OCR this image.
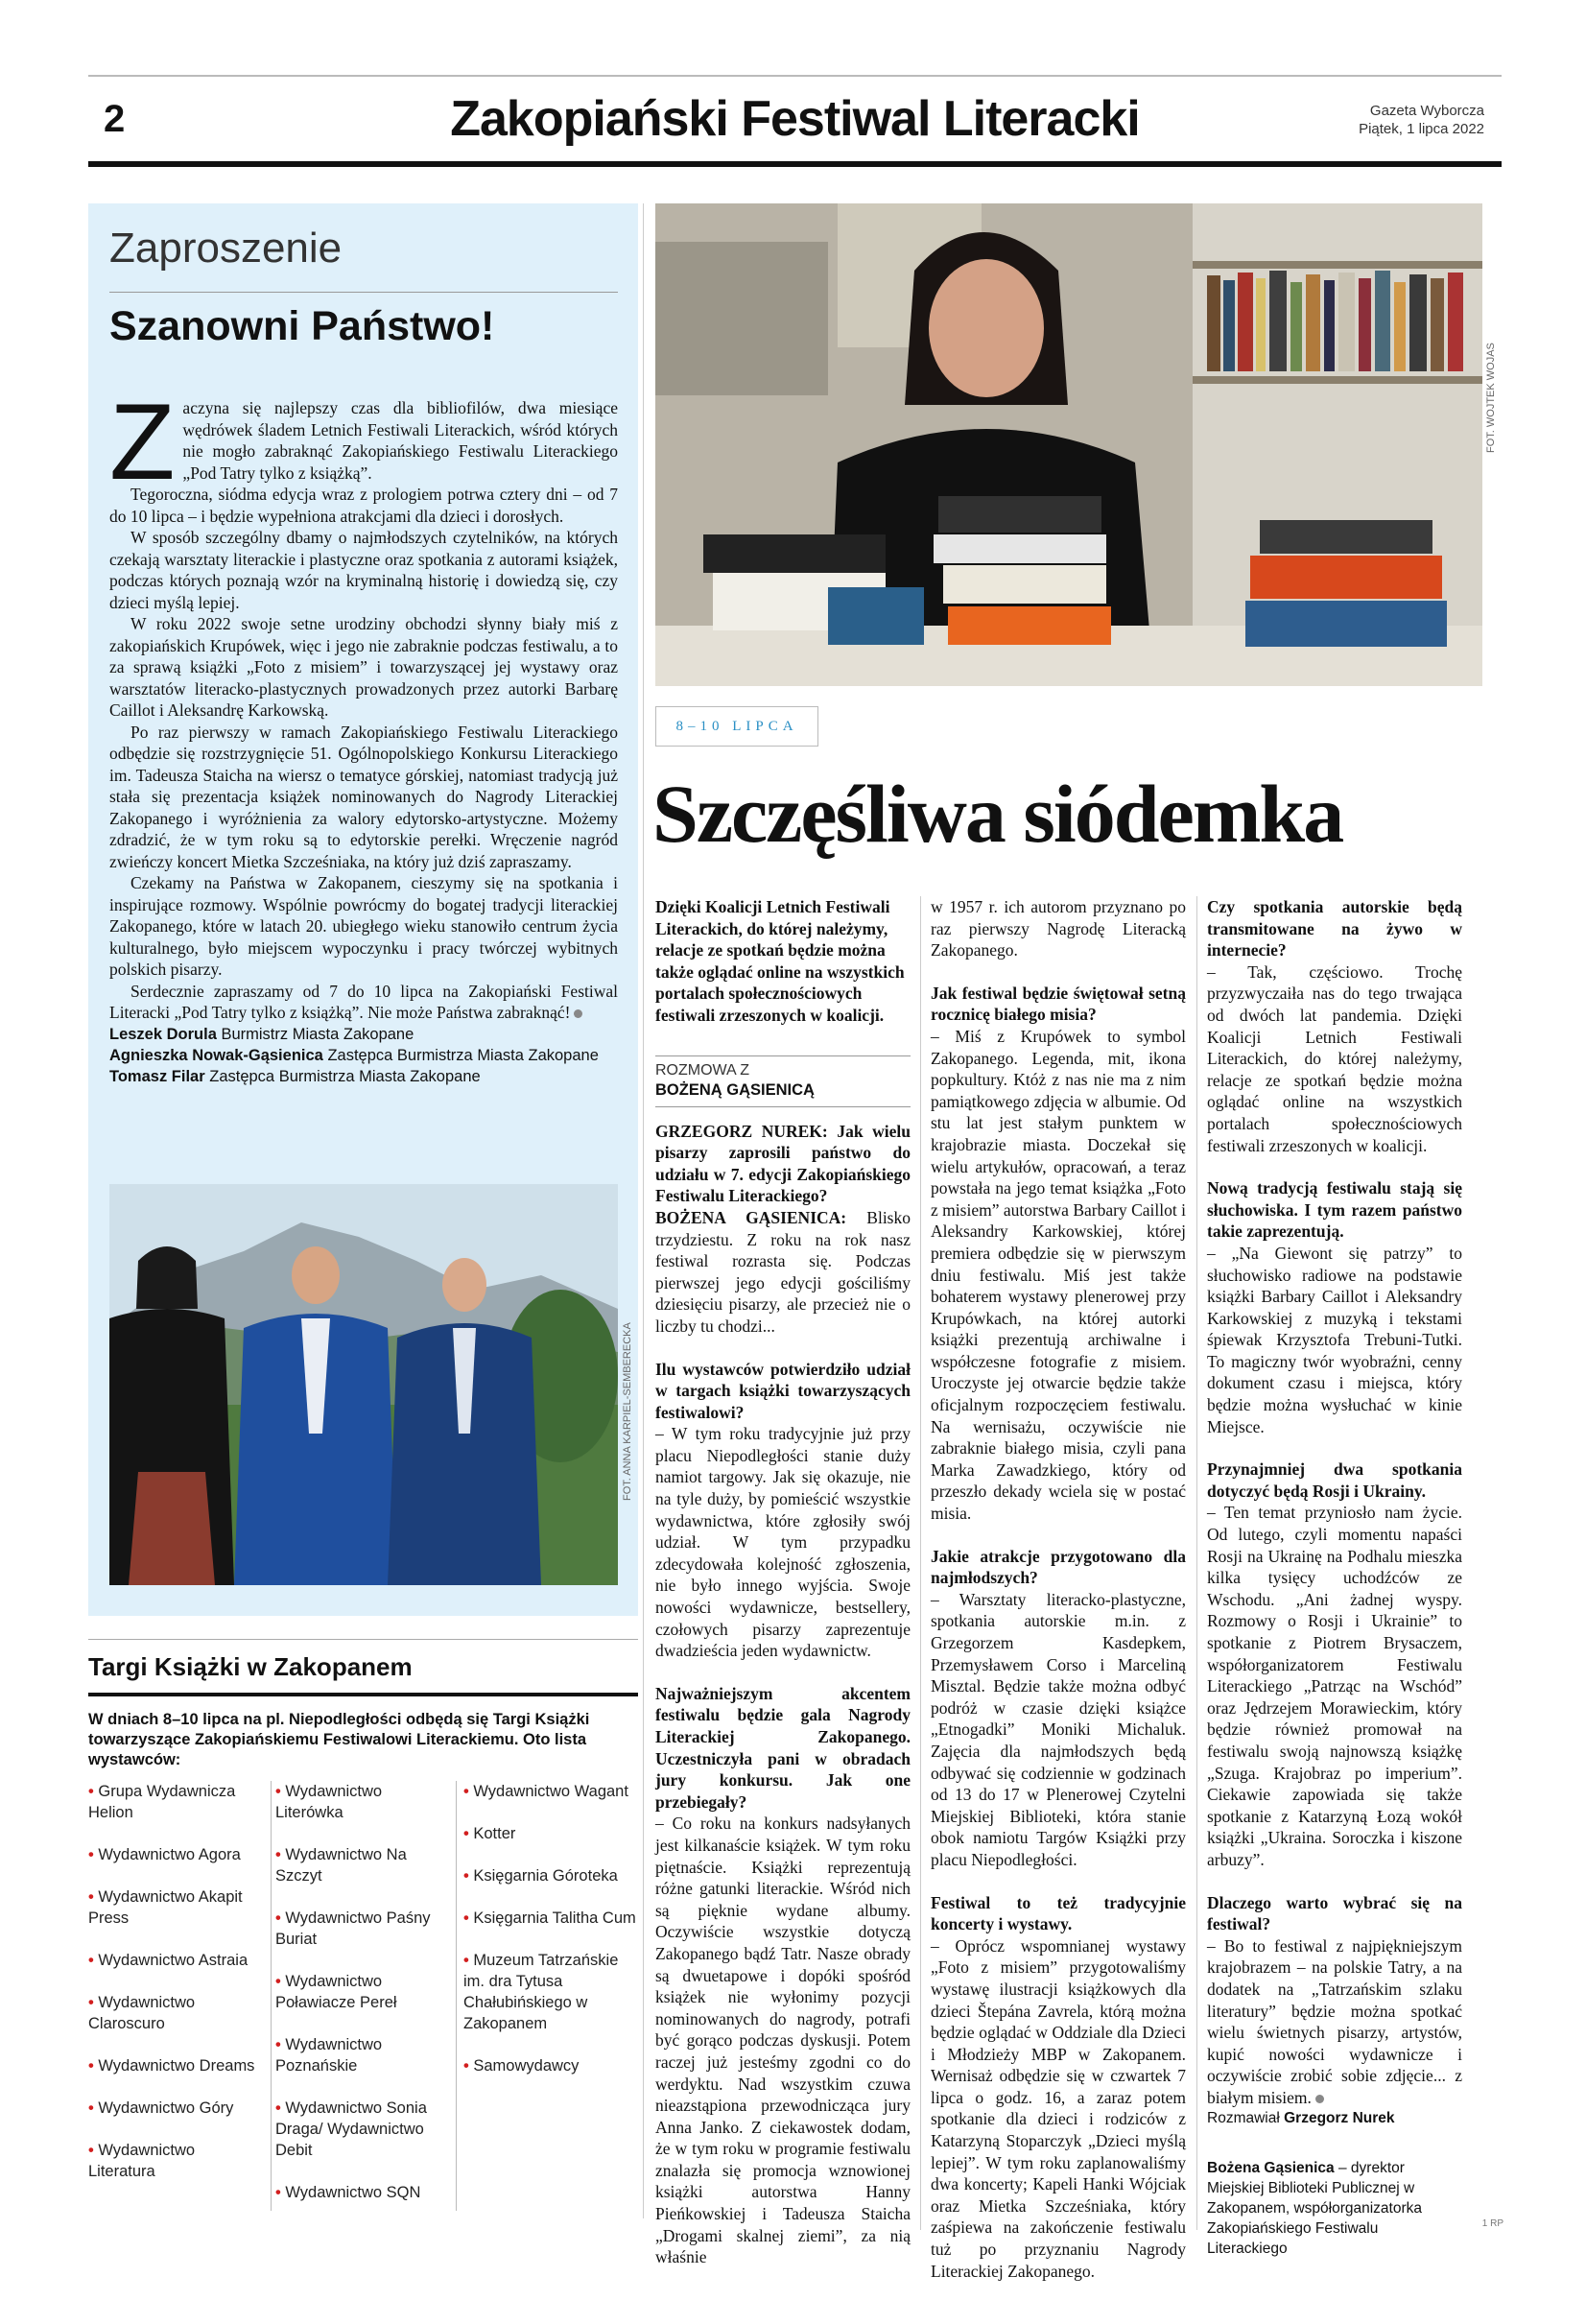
2	Zakopiański Festiwal Literacki	Gazeta Wyborcza
Piątek, 1 lipca 2022
Zaproszenie
Szanowni Państwo!

Zaczyna się najlepszy czas dla bibliofilów, dwa miesiące wędrówek śladem Letnich Festiwali Literackich, wśród których nie mogło zabraknąć Zakopiańskiego Festiwalu Literackiego „Pod Tatry tylko z książką”.

Tegoroczna, siódma edycja wraz z prologiem potrwa cztery dni – od 7 do 10 lipca – i będzie wypełniona atrakcjami dla dzieci i dorosłych.

W sposób szczególny dbamy o najmłodszych czytelników, na których czekają warsztaty literackie i plastyczne oraz spotkania z autorami książek, podczas których poznają wzór na kryminalną historię i dowiedzą się, czy dzieci myślą lepiej.

W roku 2022 swoje setne urodziny obchodzi słynny biały miś z zakopiańskich Krupówek, więc i jego nie zabraknie podczas festiwalu, a to za sprawą książki „Foto z misiem” i towarzyszącej jej wystawy oraz warsztatów literacko-plastycznych prowadzonych przez autorki Barbarę Caillot i Aleksandrę Karkowską.

Po raz pierwszy w ramach Zakopiańskiego Festiwalu Literackiego odbędzie się rozstrzygnięcie 51. Ogólnopolskiego Konkursu Literackiego im. Tadeusza Staicha na wiersz o tematyce górskiej, natomiast tradycją już stała się prezentacja książek nominowanych do Nagrody Literackiej Zakopanego i wyróżnienia za walory edytorsko-artystyczne. Możemy zdradzić, że w tym roku są to edytorskie perełki. Wręczenie nagród zwieńczy koncert Mietka Szcześniaka, na który już dziś zapraszamy.

Czekamy na Państwa w Zakopanem, cieszymy się na spotkania i inspirujące rozmowy. Wspólnie powrócmy do bogatej tradycji literackiej Zakopanego, które w latach 20. ubiegłego wieku stanowiło centrum życia kulturalnego, było miejscem wypoczynku i pracy twórczej wybitnych polskich pisarzy.

Serdecznie zapraszamy od 7 do 10 lipca na Zakopiański Festiwal Literacki „Pod Tatry tylko z książką”. Nie może Państwa zabraknąć!

Leszek Dorula Burmistrz Miasta Zakopane

Agnieszka Nowak-Gąsienica Zastępca Burmistrza Miasta Zakopane

Tomasz Filar Zastępca Burmistrza Miasta Zakopane

FOT. ANNA KARPIEL-SEMBERECKA
Targi Książki w Zakopanem
W dniach 8–10 lipca na pl. Niepodległości odbędą się Targi Książki towarzyszące Zakopiańskiemu Festiwalowi Literackiemu. Oto lista wystawców:
• Grupa Wydawnicza Helion
• Wydawnictwo Agora
• Wydawnictwo Akapit Press
• Wydawnictwo Astraia
• Wydawnictwo Claroscuro
• Wydawnictwo Dreams
• Wydawnictwo Góry
• Wydawnictwo Literatura
• Wydawnictwo Literówka
• Wydawnictwo Na Szczyt
• Wydawnictwo Paśny Buriat
• Wydawnictwo Poławiacze Pereł
• Wydawnictwo Poznańskie
• Wydawnictwo Sonia Draga/ Wydawnictwo Debit
• Wydawnictwo SQN
• Wydawnictwo Wagant
• Kotter
• Księgarnia Góroteka
• Księgarnia Talitha Cum
• Muzeum Tatrzańskie im. dra Tytusa Chałubińskiego w Zakopanem
• Samowydawcy
FOT. WOJTEK WOJAS
8–10 LIPCA
Szczęśliwa siódemka

Dzięki Koalicji Letnich Festiwali Literackich, do której należymy, relacje ze spotkań będzie można także oglądać online na wszystkich portalach społecznościowych festiwali zrzeszonych w koalicji.

ROZMOWA Z

BOŻENĄ GĄSIENICĄ

GRZEGORZ NUREK: Jak wielu pisarzy zaprosili państwo do udziału w 7. edycji Zakopiańskiego Festiwalu Literackiego?

BOŻENA GĄSIENICA: Blisko trzydziestu. Z roku na rok nasz festiwal rozrasta się. Podczas pierwszej jego edycji gościliśmy dziesięciu pisarzy, ale przecież nie o liczby tu chodzi...

Ilu wystawców potwierdziło udział w targach książki towarzyszących festiwalowi?

– W tym roku tradycyjnie już przy placu Niepodległości stanie duży namiot targowy. Jak się okazuje, nie na tyle duży, by pomieścić wszystkie wydawnictwa, które zgłosiły swój udział. W tym przypadku zdecydowała kolejność zgłoszenia, nie było innego wyjścia. Swoje nowości wydawnicze, bestsellery, czołowych pisarzy zaprezentuje dwadzieścia jeden wydawnictw.

Najważniejszym akcentem festiwalu będzie gala Nagrody Literackiej Zakopanego. Uczestniczyła pani w obradach jury konkursu. Jak one przebiegały?

– Co roku na konkurs nadsyłanych jest kilkanaście książek. W tym roku piętnaście. Książki reprezentują różne gatunki literackie. Wśród nich są pięknie wydane albumy. Oczywiście wszystkie dotyczą Zakopanego bądź Tatr. Nasze obrady są dwuetapowe i dopóki spośród książek nie wyłonimy pozycji nominowanych do nagrody, potrafi być gorąco podczas dyskusji. Potem raczej już jesteśmy zgodni co do werdyktu. Nad wszystkim czuwa nieazstąpiona przewodnicząca jury Anna Janko. Z ciekawostek dodam, że w tym roku w programie festiwalu znalazła się promocja wznowionej książki autorstwa Hanny Pieńkowskiej i Tadeusza Staicha „Drogami skalnej ziemi”, za nią właśnie

w 1957 r. ich autorom przyznano po raz pierwszy Nagrodę Literacką Zakopanego.

Jak festiwal będzie świętował setną rocznicę białego misia?

– Miś z Krupówek to symbol Zakopanego. Legenda, mit, ikona popkultury. Któż z nas nie ma z nim pamiątkowego zdjęcia w albumie. Od stu lat jest stałym punktem w krajobrazie miasta. Doczekał się wielu artykułów, opracowań, a teraz powstała na jego temat książka „Foto z misiem” autorstwa Barbary Caillot i Aleksandry Karkowskiej, której premiera odbędzie się w pierwszym dniu festiwalu. Miś jest także bohaterem wystawy plenerowej przy Krupówkach, na której autorki książki prezentują archiwalne i współczesne fotografie z misiem. Uroczyste jej otwarcie będzie także oficjalnym rozpoczęciem festiwalu. Na wernisażu, oczywiście nie zabraknie białego misia, czyli pana Marka Zawadzkiego, który od przeszło dekady wciela się w postać misia.

Jakie atrakcje przygotowano dla najmłodszych?

– Warsztaty literacko-plastyczne, spotkania autorskie m.in. z Grzegorzem Kasdepkem, Przemysławem Corso i Marceliną Misztal. Będzie także można odbyć podróż w czasie dzięki książce „Etnogadki” Moniki Michaluk. Zajęcia dla najmłodszych będą odbywać się codziennie w godzinach od 13 do 17 w Plenerowej Czytelni Miejskiej Biblioteki, która stanie obok namiotu Targów Książki przy placu Niepodległości.

Festiwal to też tradycyjnie koncerty i wystawy.

– Oprócz wspomnianej wystawy „Foto z misiem” przygotowaliśmy wystawę ilustracji książkowych dla dzieci Štepána Zavrela, którą można będzie oglądać w Oddziale dla Dzieci i Młodzieży MBP w Zakopanem. Wernisaż odbędzie się w czwartek 7 lipca o godz. 16, a zaraz potem spotkanie dla dzieci i rodziców z Katarzyną Stoparczyk „Dzieci myślą lepiej”. W tym roku zaplanowaliśmy dwa koncerty; Kapeli Hanki Wójciak oraz Mietka Szcześniaka, który zaśpiewa na zakończenie festiwalu tuż po przyznaniu Nagrody Literackiej Zakopanego.

Czy spotkania autorskie będą transmitowane na żywo w internecie?

– Tak, częściowo. Trochę przyzwyczaiła nas do tego trwająca od dwóch lat pandemia. Dzięki Koalicji Letnich Festiwali Literackich, do której należymy, relacje ze spotkań będzie można oglądać online na wszystkich portalach społecznościowych festiwali zrzeszonych w koalicji.

Nową tradycją festiwalu stają się słuchowiska. I tym razem państwo takie zaprezentują.

– „Na Giewont się patrzy” to słuchowisko radiowe na podstawie książki Barbary Caillot i Aleksandry Karkowskiej z muzyką i tekstami śpiewak Krzysztofa Trebuni-Tutki. To magiczny twór wyobraźni, cenny dokument czasu i miejsca, który będzie można wysłuchać w kinie Miejsce.

Przynajmniej dwa spotkania dotyczyć będą Rosji i Ukrainy.

– Ten temat przyniosło nam życie. Od lutego, czyli momentu napaści Rosji na Ukrainę na Podhalu mieszka kilka tysięcy uchodźców ze Wschodu. „Ani żadnej wyspy. Rozmowy o Rosji i Ukrainie” to spotkanie z Piotrem Brysaczem, współorganizatorem Festiwalu Literackiego „Patrząc na Wschód” oraz Jędrzejem Morawieckim, który będzie również promował na festiwalu swoją najnowszą książkę „Szuga. Krajobraz po imperium”. Ciekawie zapowiada się także spotkanie z Katarzyną Łozą wokół książki „Ukraina. Soroczka i kiszone arbuzy”.

Dlaczego warto wybrać się na festiwal?

– Bo to festiwal z najpiękniejszym krajobrazem – na polskie Tatry, a na dodatek na „Tatrzańskim szlaku literatury” będzie można spotkać wielu świetnych pisarzy, artystów, kupić nowości wydawnicze i oczywiście zrobić sobie zdjęcie... z białym misiem.

Rozmawiał Grzegorz Nurek

Bożena Gąsienica – dyrektor Miejskiej Biblioteki Publicznej w Zakopanem, współorganizatorka Zakopiańskiego Festiwalu Literackiego

1 RP
